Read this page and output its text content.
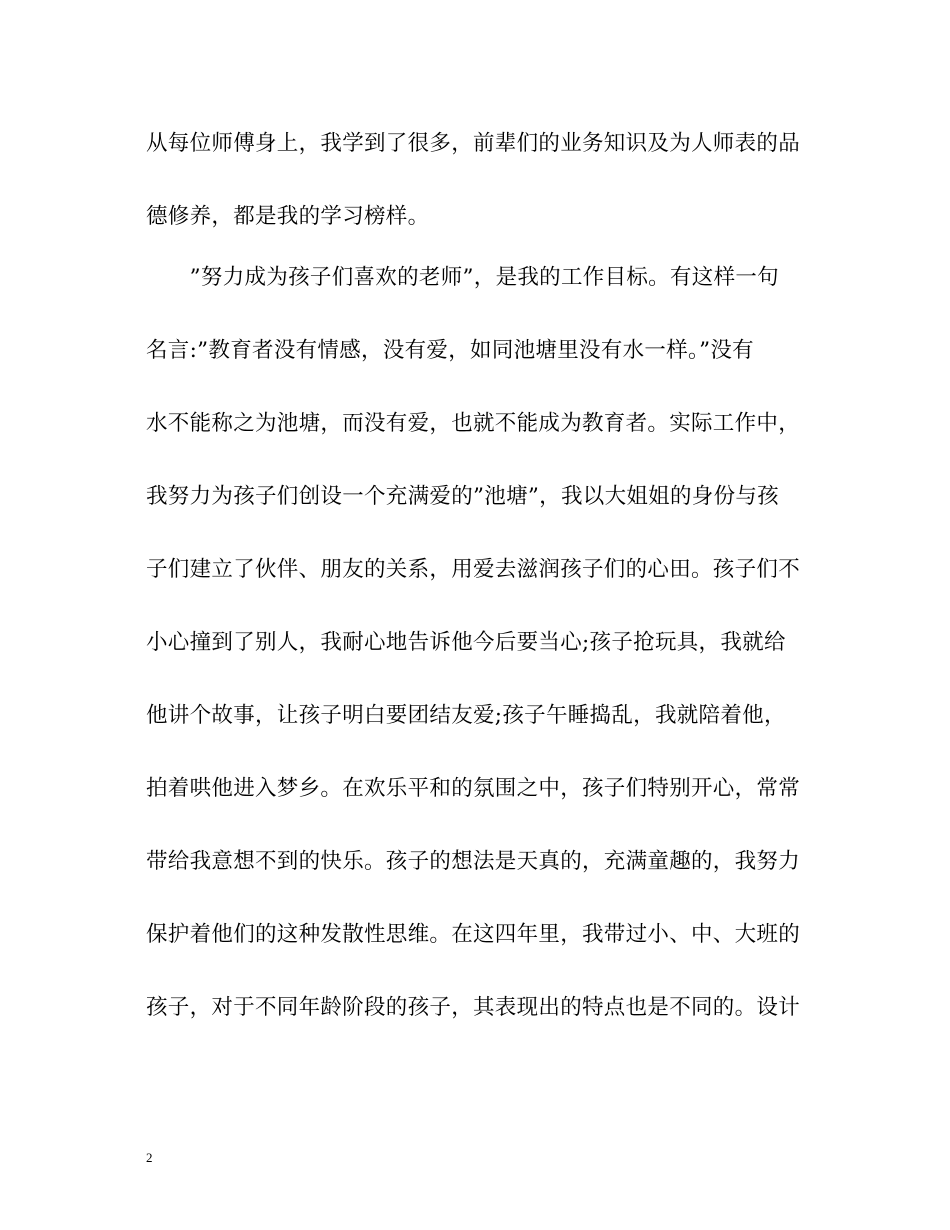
从每位师傅身上，我学到了很多，前辈们的业务知识及为人师表的品
德修养，都是我的学习榜样。
　　”努力成为孩子们喜欢的老师”，是我的工作目标。有这样一句
名言:”教育者没有情感，没有爱，如同池塘里没有水一样。”没有
水不能称之为池塘，而没有爱，也就不能成为教育者。实际工作中，
我努力为孩子们创设一个充满爱的”池塘”，我以大姐姐的身份与孩
子们建立了伙伴、朋友的关系，用爱去滋润孩子们的心田。孩子们不
小心撞到了别人，我耐心地告诉他今后要当心;孩子抢玩具，我就给
他讲个故事，让孩子明白要团结友爱;孩子午睡捣乱，我就陪着他，
拍着哄他进入梦乡。在欢乐平和的氛围之中，孩子们特别开心，常常
带给我意想不到的快乐。孩子的想法是天真的，充满童趣的，我努力
保护着他们的这种发散性思维。在这四年里，我带过小、中、大班的
孩子，对于不同年龄阶段的孩子，其表现出的特点也是不同的。设计
2
